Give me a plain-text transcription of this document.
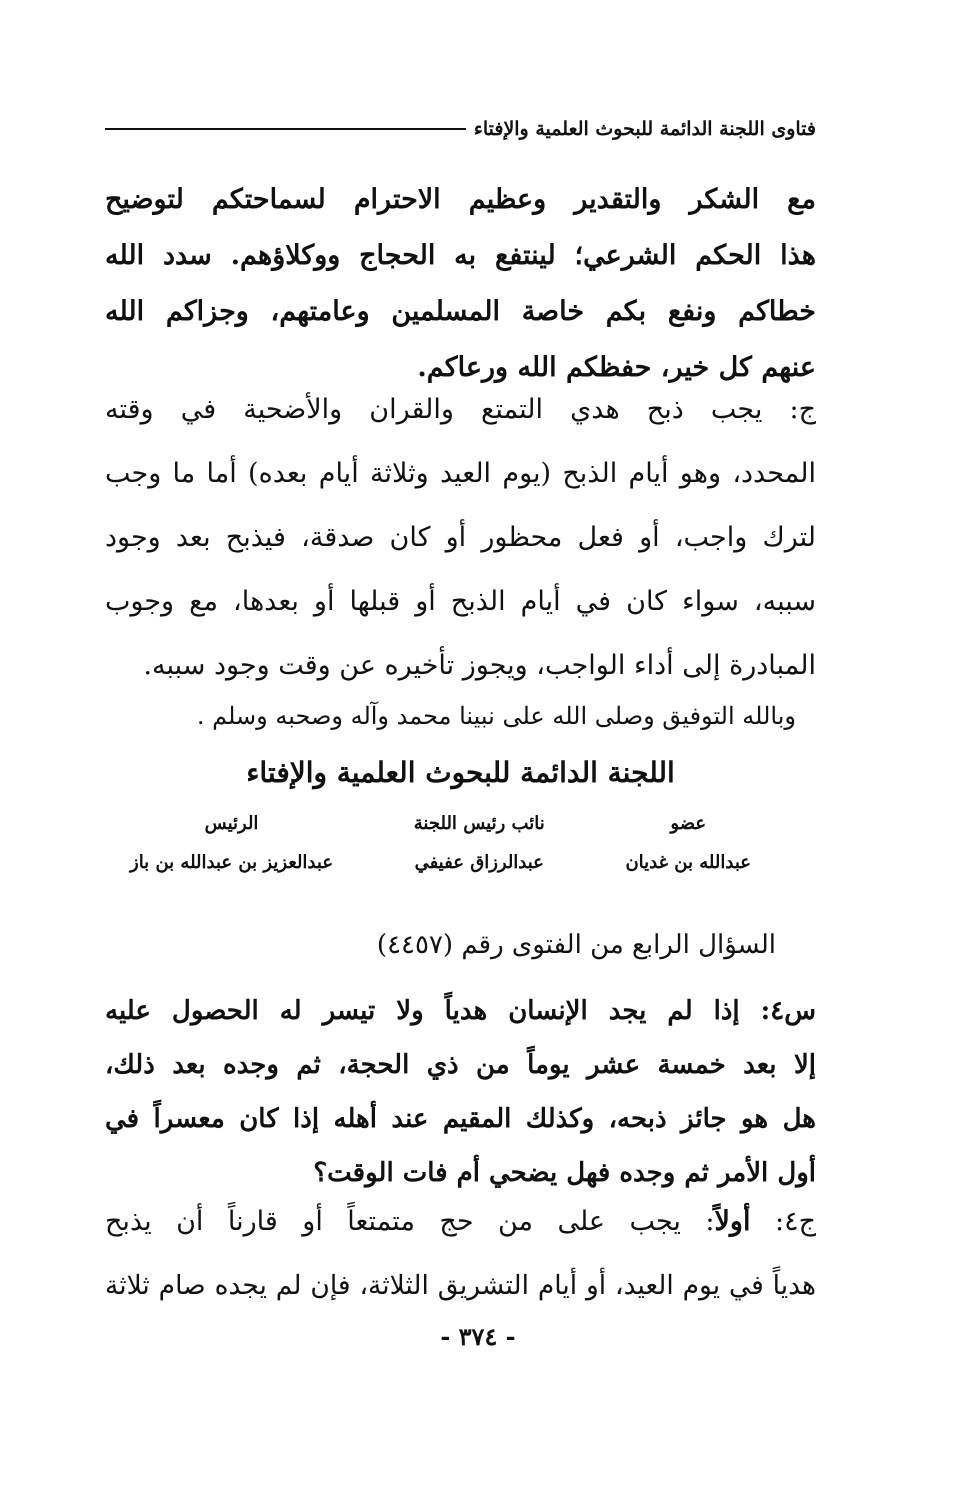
فتاوى اللجنة الدائمة للبحوث العلمية والإفتاء
مع الشكر والتقدير وعظيم الاحترام لسماحتكم لتوضيح
هذا الحكم الشرعي؛ لينتفع به الحجاج ووكلاؤهم. سدد الله
خطاكم ونفع بكم خاصة المسلمين وعامتهم، وجزاكم الله
عنهم كل خير، حفظكم الله ورعاكم.
ج: يجب ذبح هدي التمتع والقران والأضحية في وقته
المحدد، وهو أيام الذبح (يوم العيد وثلاثة أيام بعده) أما ما وجب
لترك واجب، أو فعل محظور أو كان صدقة، فيذبح بعد وجود
سببه، سواء كان في أيام الذبح أو قبلها أو بعدها، مع وجوب
المبادرة إلى أداء الواجب، ويجوز تأخيره عن وقت وجود سببه.
وبالله التوفيق وصلى الله على نبينا محمد وآله وصحبه وسلم .
اللجنة الدائمة للبحوث العلمية والإفتاء
عضو
عبدالله بن غديان
نائب رئيس اللجنة
عبدالرزاق عفيفي
الرئيس
عبدالعزيز بن عبدالله بن باز
السؤال الرابع من الفتوى رقم (٤٤٥٧)
س٤: إذا لم يجد الإنسان هدياً ولا تيسر له الحصول عليه
إلا بعد خمسة عشر يوماً من ذي الحجة، ثم وجده بعد ذلك،
هل هو جائز ذبحه، وكذلك المقيم عند أهله إذا كان معسراً في
أول الأمر ثم وجده فهل يضحي أم فات الوقت؟
ج٤: أولاً: يجب على من حج متمتعاً أو قارناً أن يذبح
هدياً في يوم العيد، أو أيام التشريق الثلاثة، فإن لم يجده صام ثلاثة
- ٣٧٤ -
